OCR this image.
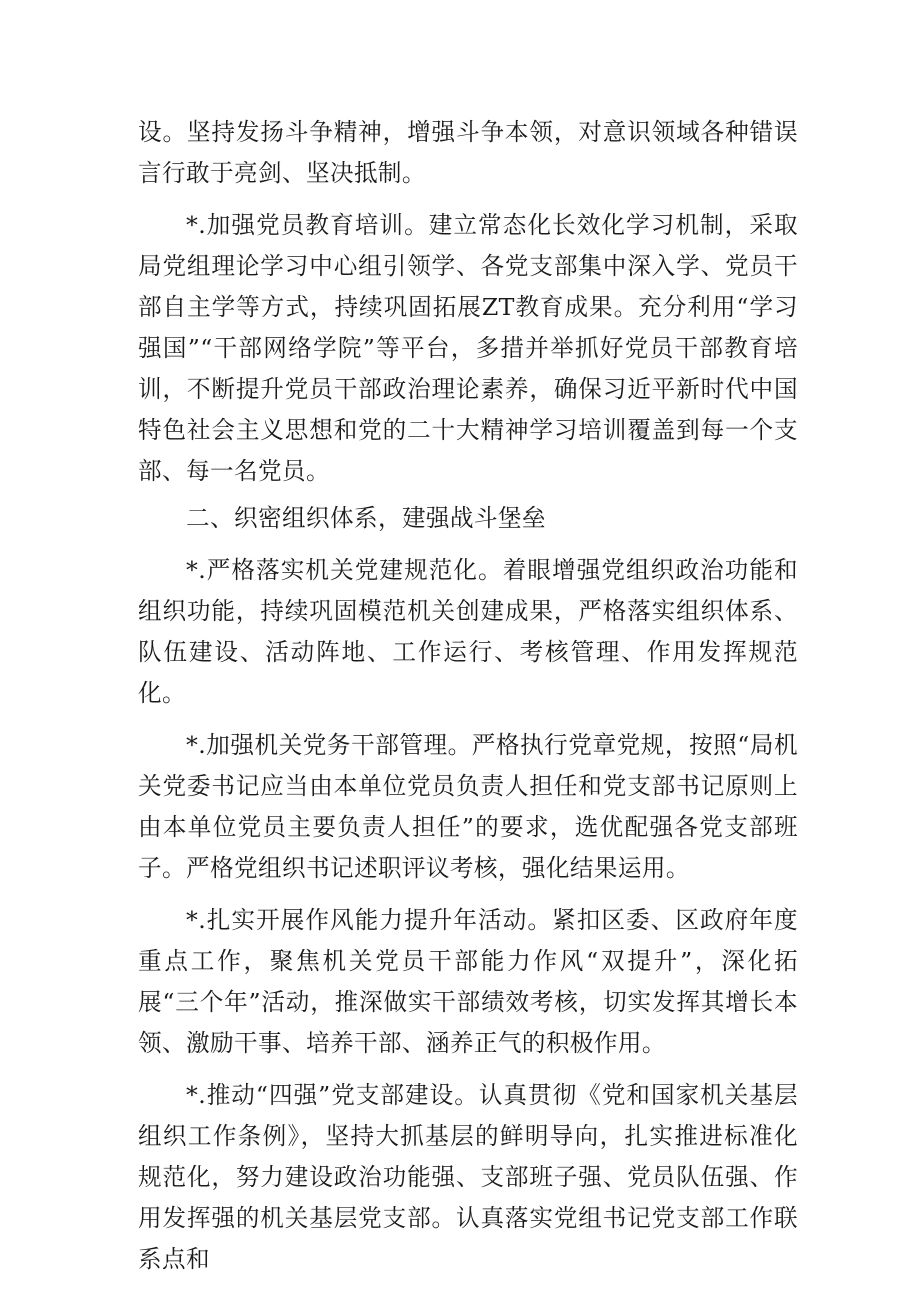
设。坚持发扬斗争精神，增强斗争本领，对意识领域各种错误言行敢于亮剑、坚决抵制。

*.加强党员教育培训。建立常态化长效化学习机制，采取局党组理论学习中心组引领学、各党支部集中深入学、党员干部自主学等方式，持续巩固拓展ZT教育成果。充分利用“学习强国”“干部网络学院”等平台，多措并举抓好党员干部教育培训，不断提升党员干部政治理论素养，确保习近平新时代中国特色社会主义思想和党的二十大精神学习培训覆盖到每一个支部、每一名党员。

二、织密组织体系，建强战斗堡垒

*.严格落实机关党建规范化。着眼增强党组织政治功能和组织功能，持续巩固模范机关创建成果，严格落实组织体系、队伍建设、活动阵地、工作运行、考核管理、作用发挥规范化。

*.加强机关党务干部管理。严格执行党章党规，按照“局机关党委书记应当由本单位党员负责人担任和党支部书记原则上由本单位党员主要负责人担任”的要求，选优配强各党支部班子。严格党组织书记述职评议考核，强化结果运用。

*.扎实开展作风能力提升年活动。紧扣区委、区政府年度重点工作，聚焦机关党员干部能力作风“双提升”，深化拓展“三个年”活动，推深做实干部绩效考核，切实发挥其增长本领、激励干事、培养干部、涵养正气的积极作用。

*.推动“四强”党支部建设。认真贯彻《党和国家机关基层组织工作条例》，坚持大抓基层的鲜明导向，扎实推进标准化规范化，努力建设政治功能强、支部班子强、党员队伍强、作用发挥强的机关基层党支部。认真落实党组书记党支部工作联系点和
